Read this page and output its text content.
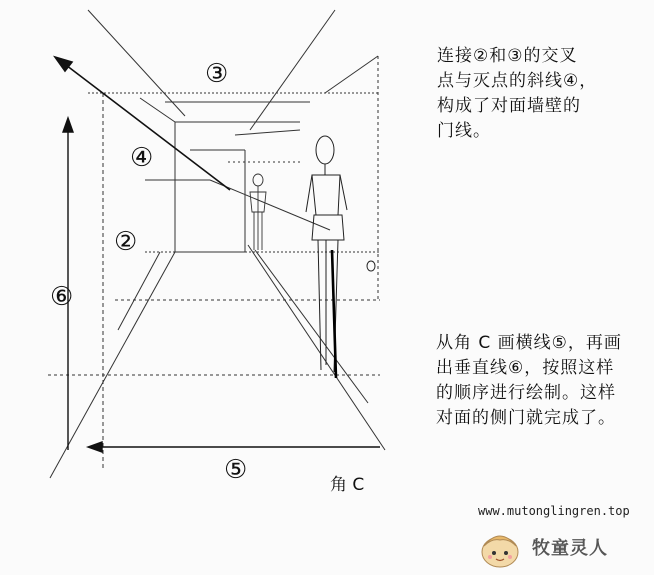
③
④
②
⑥
⑤
连接②和③的交叉
点与灭点的斜线④，
构成了对面墙壁的
门线。
从角 C 画横线⑤，再画
出垂直线⑥，按照这样
的顺序进行绘制。这样
对面的侧门就完成了。
角 C
www.mutonglingren.top
牧童灵人
